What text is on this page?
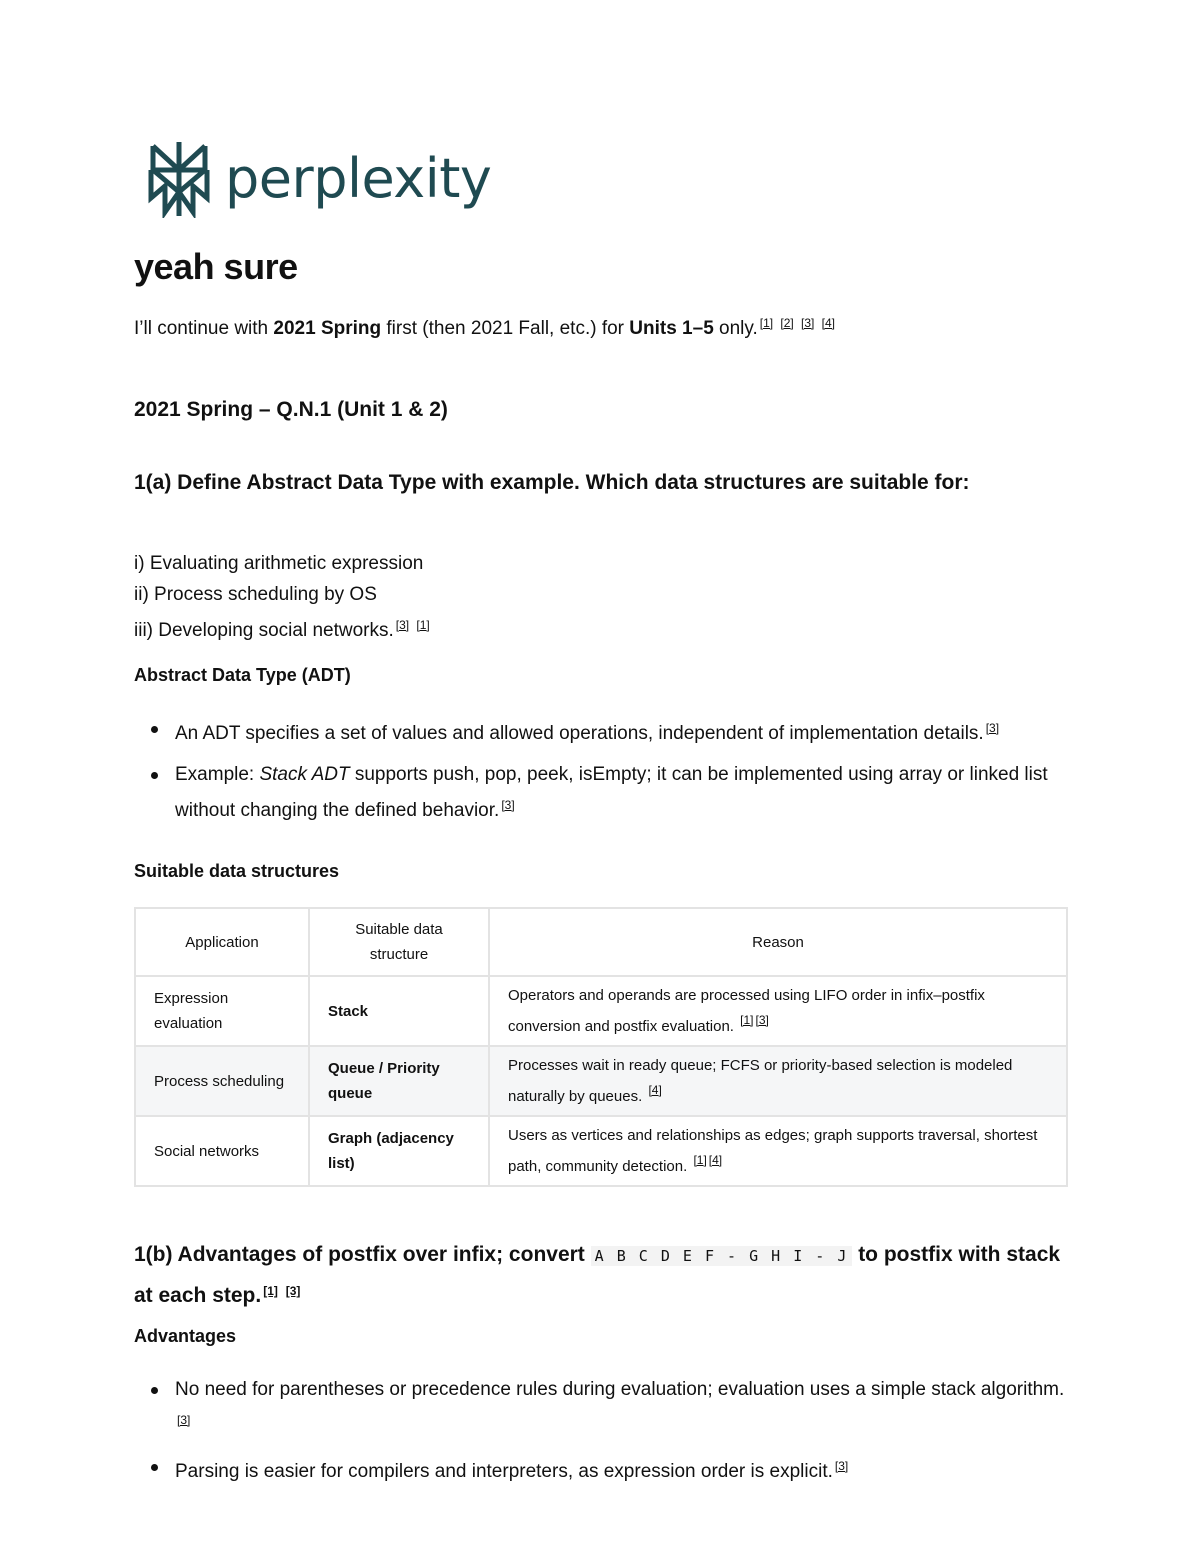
perplexity
yeah sure

I’ll continue with 2021 Spring first (then 2021 Fall, etc.) for Units 1–5 only. [1] [2] [3] [4]

2021 Spring – Q.N.1 (Unit 1 & 2)
1(a) Define Abstract Data Type with example. Which data structures are suitable for:

i) Evaluating arithmetic expression

ii) Process scheduling by OS

iii) Developing social networks. [3] [1]

Abstract Data Type (ADT)
An ADT specifies a set of values and allowed operations, independent of implementation details. [3]
Example: Stack ADT supports push, pop, peek, isEmpty; it can be implemented using array or linked list without changing the defined behavior. [3]
Suitable data structures
Application	Suitable data structure	Reason
Expression evaluation	Stack	Operators and operands are processed using LIFO order in infix–postfix conversion and postfix evaluation. [1] [3]
Process scheduling	Queue / Priority queue	Processes wait in ready queue; FCFS or priority-based selection is modeled naturally by queues. [4]
Social networks	Graph (adjacency list)	Users as vertices and relationships as edges; graph supports traversal, shortest path, community detection. [1] [4]
1(b) Advantages of postfix over infix; convert A B C D E F - G H I - J to postfix with stack at each step. [1] [3]
Advantages
No need for parentheses or precedence rules during evaluation; evaluation uses a simple stack algorithm.[3]
Parsing is easier for compilers and interpreters, as expression order is explicit. [3]
